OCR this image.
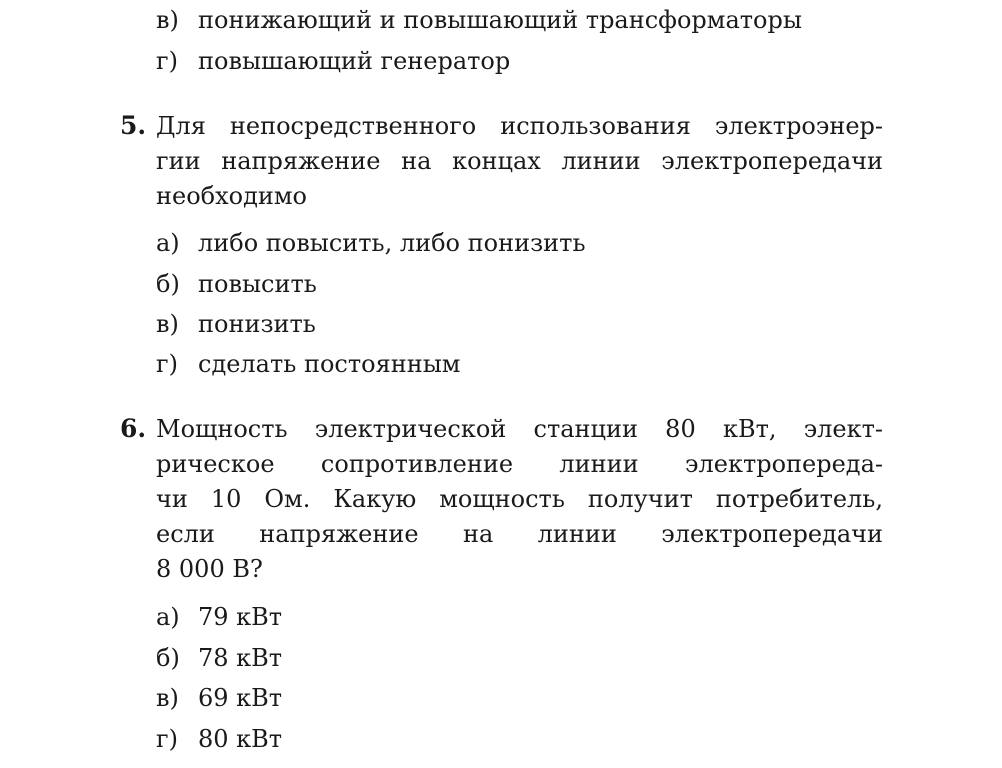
в) понижающий и повышающий трансформаторы
г) повышающий генератор
5. Для непосредственного использования электроэнер-
гии напряжение на концах линии электропередачи
необходимо
а) либо повысить, либо понизить
б) повысить
в) понизить
г) сделать постоянным
6. Мощность электрической станции 80 кВт, элект-
рическое сопротивление линии электропереда-
чи 10 Ом. Какую мощность получит потребитель,
если напряжение на линии электропередачи
8 000 В?
а) 79 кВт
б) 78 кВт
в) 69 кВт
г) 80 кВт
